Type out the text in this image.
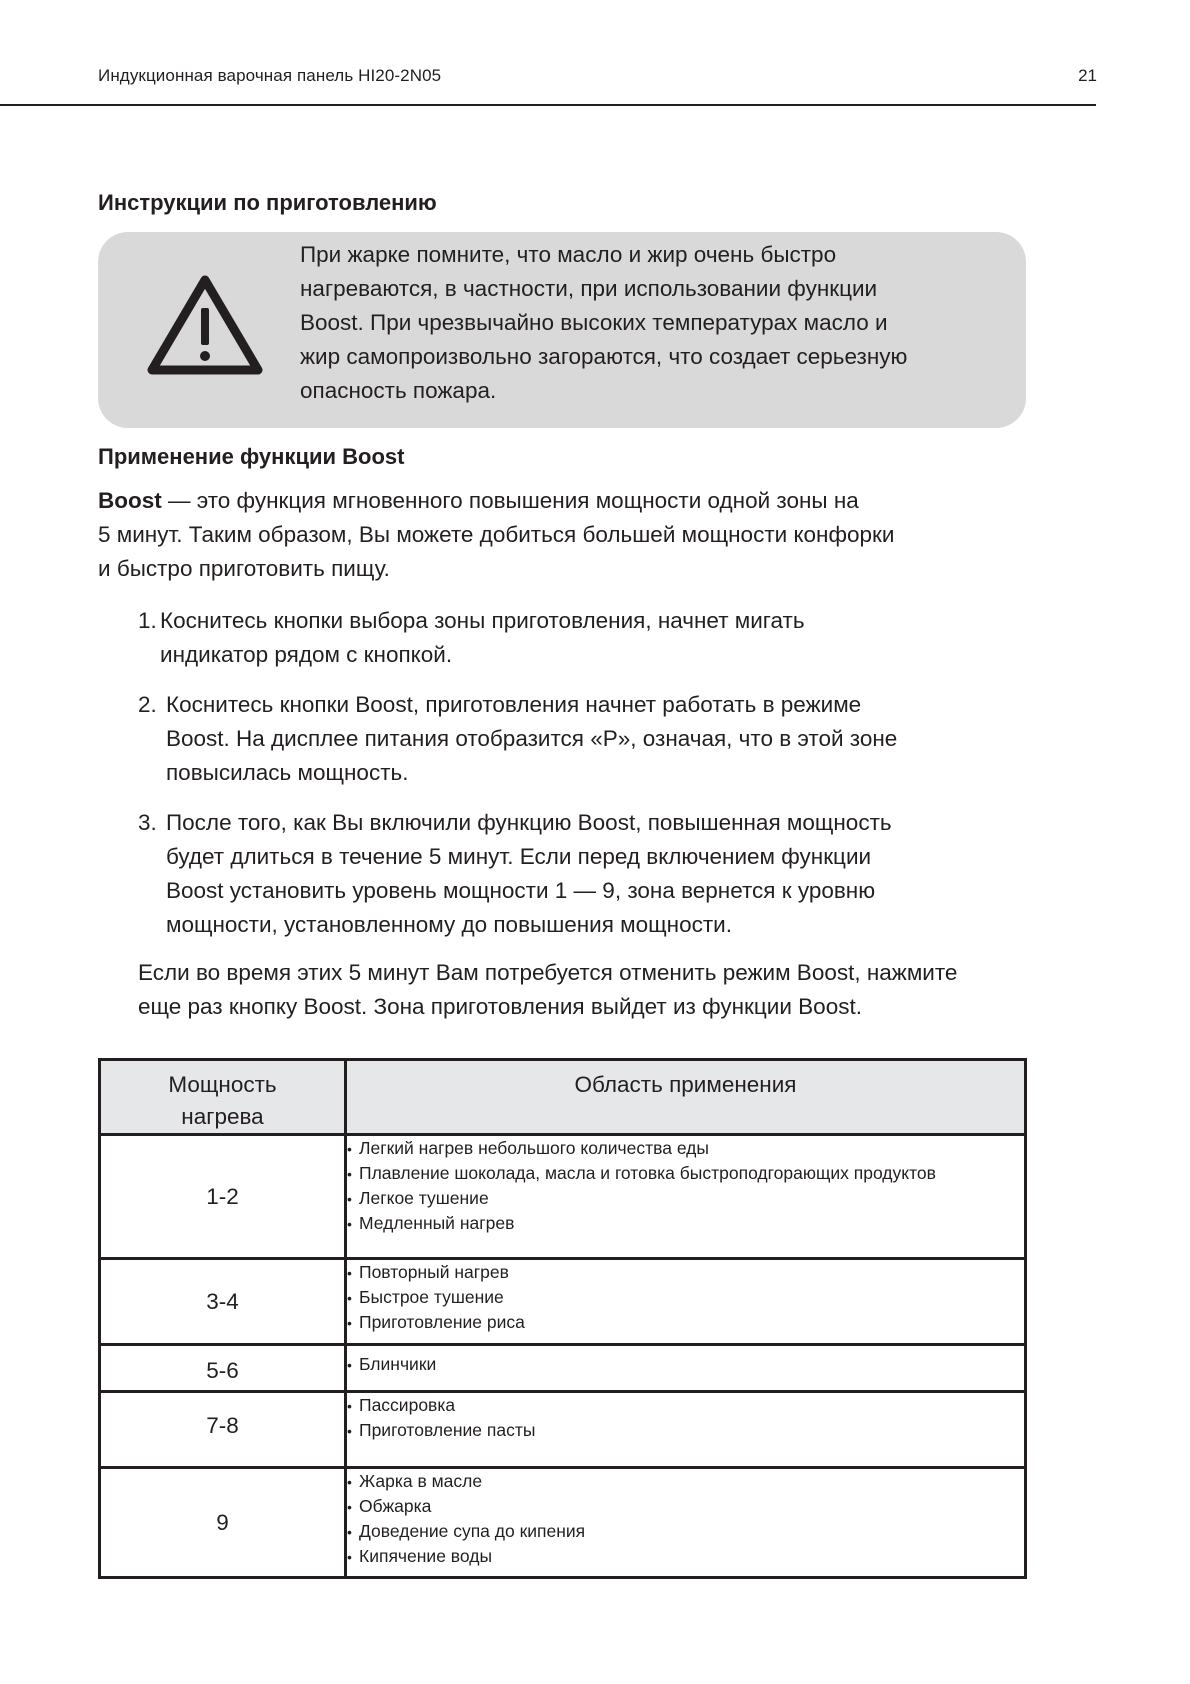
Индукционная варочная панель HI20-2N05	21
Инструкции по приготовлению
При жарке помните, что масло и жир очень быстро
нагреваются, в частности, при использовании функции
Boost. При чрезвычайно высоких температурах масло и
жир самопроизвольно загораются, что создает серьезную
опасность пожара.
Применение функции Boost
Boost — это функция мгновенного повышения мощности одной зоны на
5 минут. Таким образом, Вы можете добиться большей мощности конфорки
и быстро приготовить пищу.
1. Коснитесь кнопки выбора зоны приготовления, начнет мигать
индикатор рядом с кнопкой.
2. Коснитесь кнопки Boost, приготовления начнет работать в режиме
Boost. На дисплее питания отобразится «P», означая, что в этой зоне
повысилась мощность.
3. После того, как Вы включили функцию Boost, повышенная мощность
будет длиться в течение 5 минут. Если перед включением функции
Boost установить уровень мощности 1 — 9, зона вернется к уровню
мощности, установленному до повышения мощности.
Если во время этих 5 минут Вам потребуется отменить режим Boost, нажмите
еще раз кнопку Boost. Зона приготовления выйдет из функции Boost.
Мощность
нагрева	Область применения
1-2	• Легкий нагрев небольшого количества еды
• Плавление шоколада, масла и готовка быстроподгорающих продуктов
• Легкое тушение
• Медленный нагрев

3-4	• Повторный нагрев
• Быстрое тушение
• Приготовление риса

5-6	• Блинчики

7-8	• Пассировка
• Приготовление пасты

9	• Жарка в масле
• Обжарка
• Доведение супа до кипения
• Кипячение воды
